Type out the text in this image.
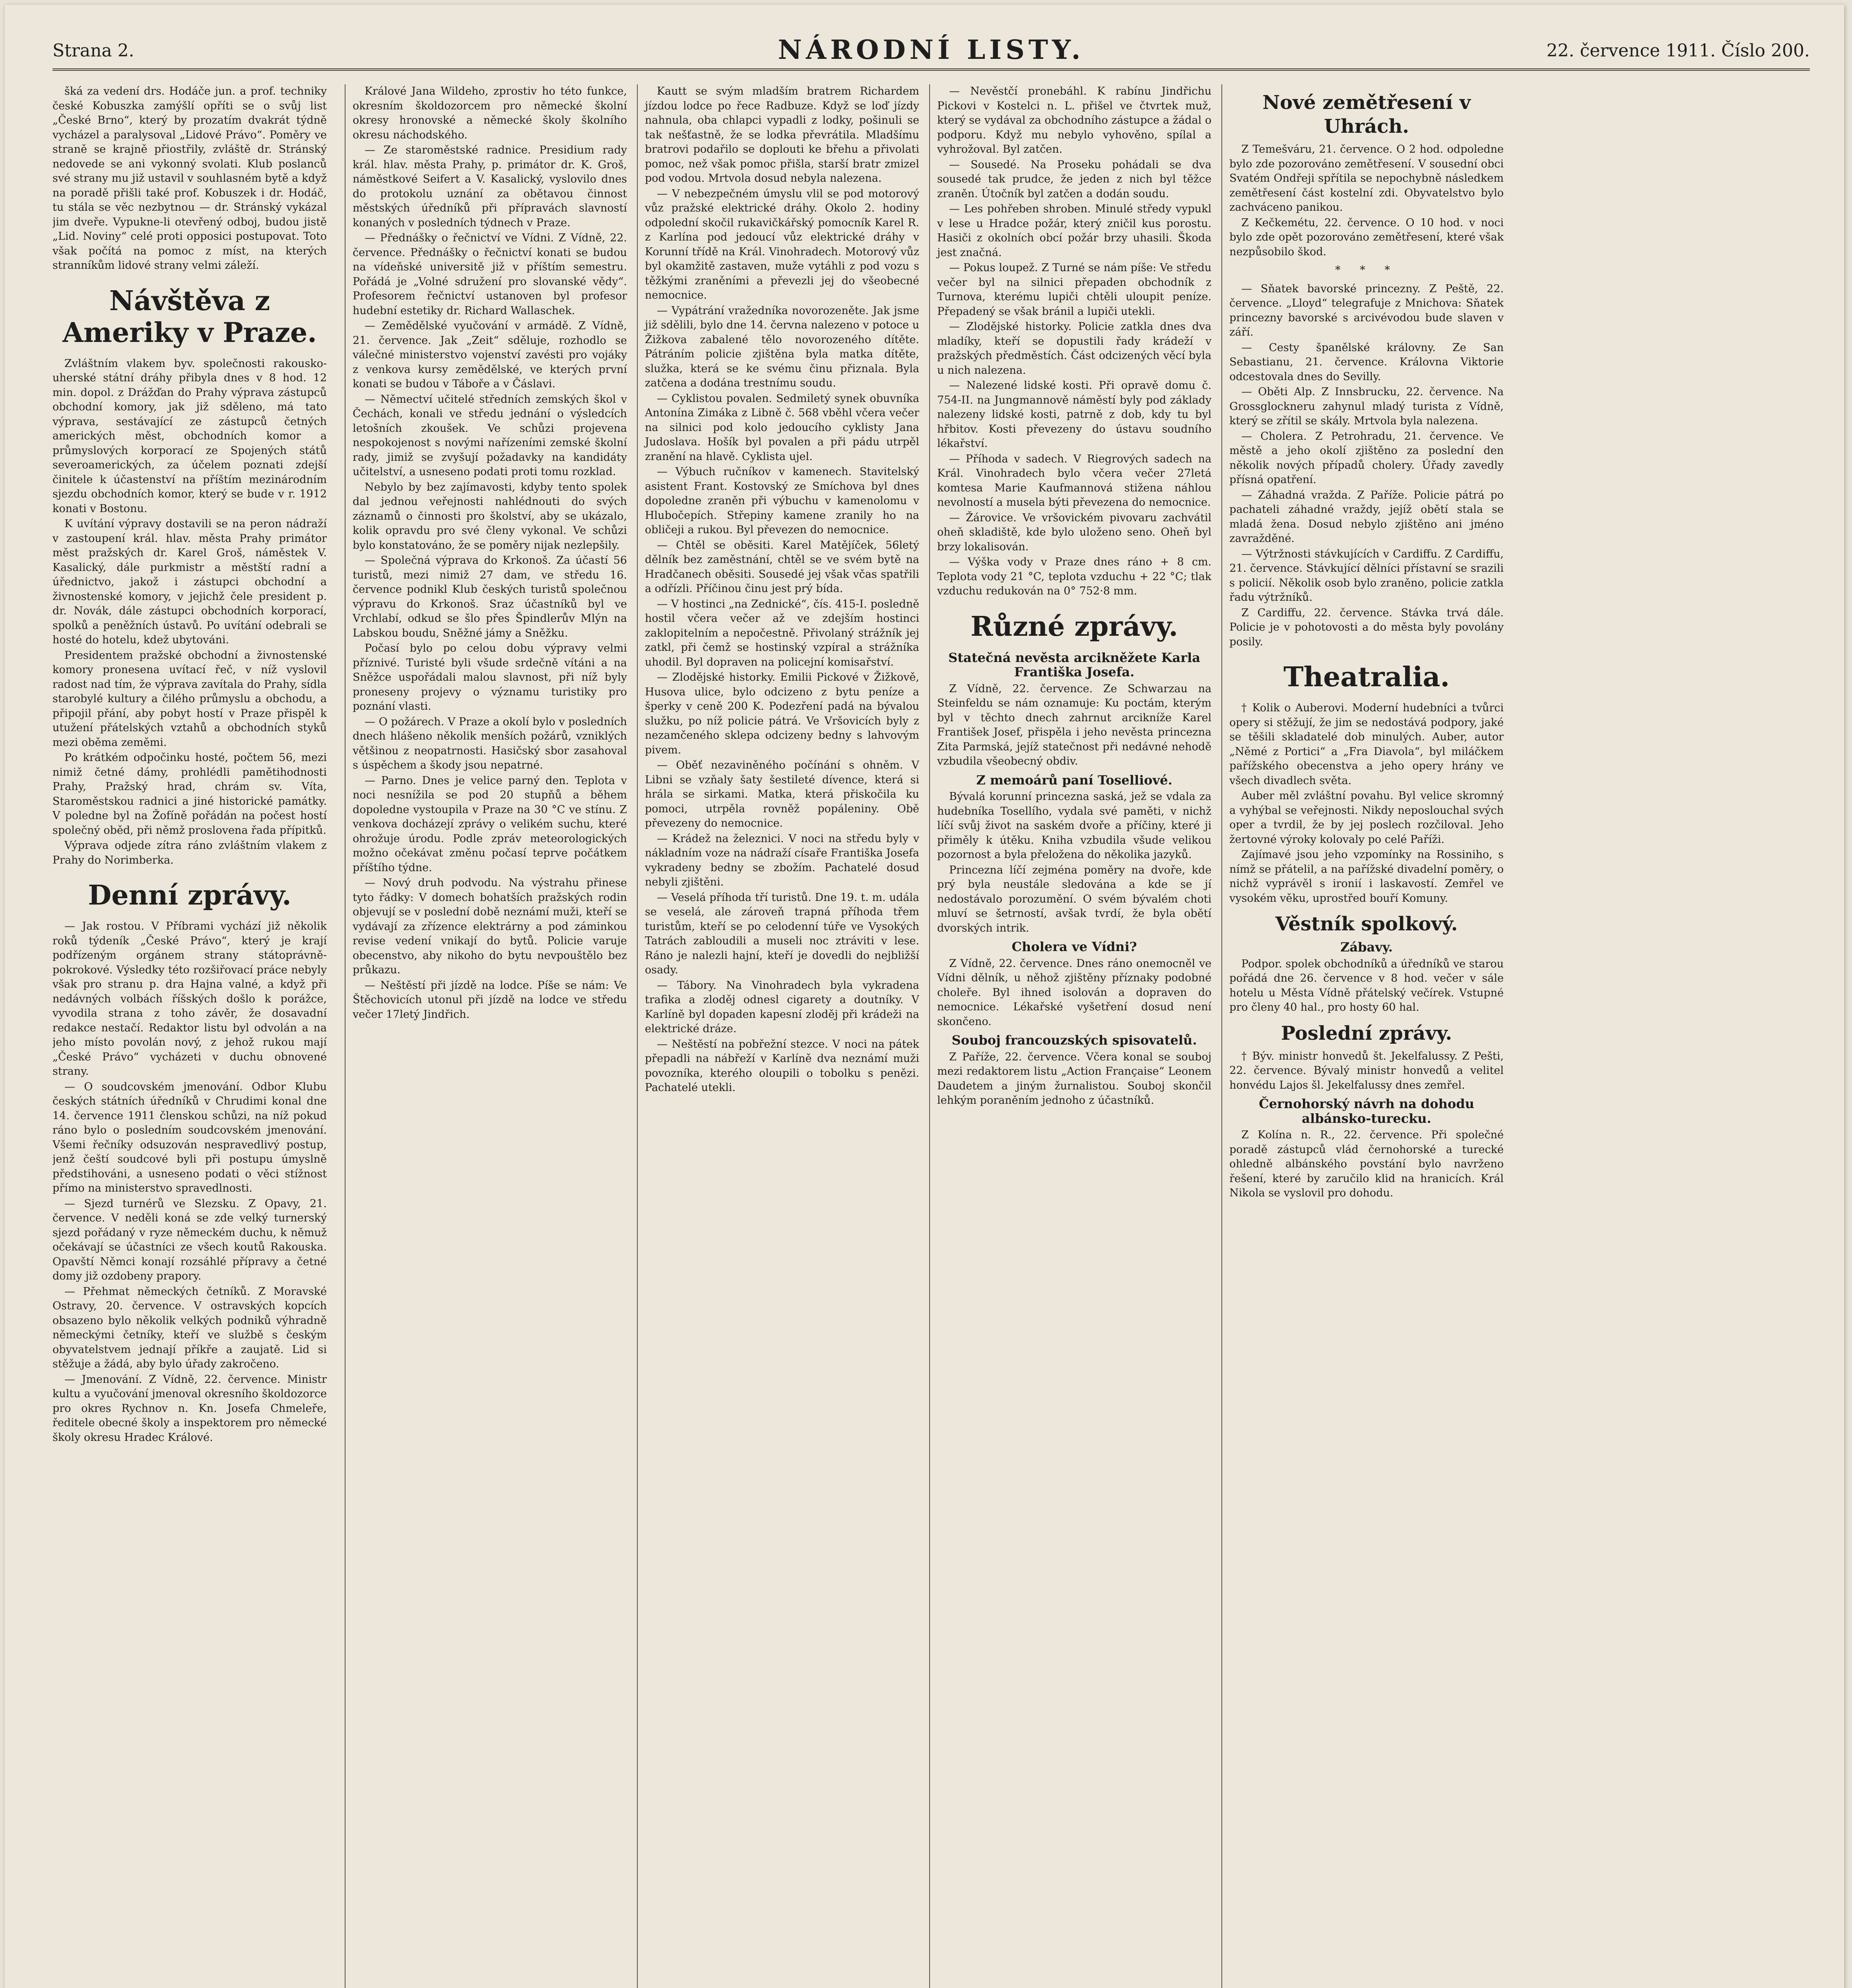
Strana 2.	NÁRODNÍ LISTY.	22. července 1911. Číslo 200.

šká za vedení drs. Hodáče jun. a prof. techniky české Kobuszka zamýšlí opříti se o svůj list „České Brno“, který by prozatím dvakrát týdně vycházel a paralysoval „Lidové Právo“. Poměry ve straně se krajně přiostřily, zvláště dr. Stránský nedovede se ani vykonný svolati. Klub poslanců své strany mu již ustavil v souhlasném bytě a když na poradě přišli také prof. Kobuszek i dr. Hodáč, tu stála se věc nezbytnou — dr. Stránský vykázal jim dveře. Vypukne-li otevřený odboj, budou jistě „Lid. Noviny“ celé proti opposici postupovat. Toto však počítá na pomoc z míst, na kterých stranníkům lidové strany velmi záleží.

Návštěva z Ameriky v Praze.

Zvláštním vlakem byv. společnosti rakousko-uherské státní dráhy přibyla dnes v 8 hod. 12 min. dopol. z Drážďan do Prahy výprava zástupců obchodní komory, jak již sděleno, má tato výprava, sestávající ze zástupců četných amerických měst, obchodních komor a průmyslových korporací ze Spojených států severoamerických, za účelem poznati zdejší činitele k účastenství na příštím mezinárodním sjezdu obchodních komor, který se bude v r. 1912 konati v Bostonu.

K uvítání výpravy dostavili se na peron nádraží v zastoupení král. hlav. města Prahy primátor měst pražských dr. Karel Groš, náměstek V. Kasalický, dále purkmistr a městští radní a úřednictvo, jakož i zástupci obchodní a živnostenské komory, v jejichž čele president p. dr. Novák, dále zástupci obchodních korporací, spolků a peněžních ústavů. Po uvítání odebrali se hosté do hotelu, kdež ubytováni.

Presidentem pražské obchodní a živnostenské komory pronesena uvítací řeč, v níž vyslovil radost nad tím, že výprava zavítala do Prahy, sídla starobylé kultury a čilého průmyslu a obchodu, a připojil přání, aby pobyt hostí v Praze přispěl k utužení přátelských vztahů a obchodních styků mezi oběma zeměmi.

Po krátkém odpočinku hosté, počtem 56, mezi nimiž četné dámy, prohlédli pamětihodnosti Prahy, Pražský hrad, chrám sv. Víta, Staroměstskou radnici a jiné historické památky. V poledne byl na Žofíně pořádán na počest hostí společný oběd, při němž proslovena řada přípitků.

Výprava odjede zítra ráno zvláštním vlakem z Prahy do Norimberka.

Denní zprávy.

— Jak rostou. V Příbrami vychází již několik roků týdeník „České Právo“, který je krají podřízeným orgánem strany státoprávně-pokrokové. Výsledky této rozšiřovací práce nebyly však pro stranu p. dra Hajna valné, a když při nedávných volbách říšských došlo k porážce, vyvodila strana z toho závěr, že dosavadní redakce nestačí. Redaktor listu byl odvolán a na jeho místo povolán nový, z jehož rukou mají „České Právo“ vycházeti v duchu obnovené strany.

— O soudcovském jmenování. Odbor Klubu českých státních úředníků v Chrudimi konal dne 14. července 1911 členskou schůzi, na níž pokud ráno bylo o posledním soudcovském jmenování. Všemi řečníky odsuzován nespravedlivý postup, jenž čeští soudcové byli při postupu úmyslně předstihováni, a usneseno podati o věci stížnost přímo na ministerstvo spravedlnosti.

— Sjezd turnérů ve Slezsku. Z Opavy, 21. července. V neděli koná se zde velký turnerský sjezd pořádaný v ryze německém duchu, k němuž očekávají se účastníci ze všech koutů Rakouska. Opavští Němci konají rozsáhlé přípravy a četné domy již ozdobeny prapory.

— Přehmat německých četníků. Z Moravské Ostravy, 20. července. V ostravských kopcích obsazeno bylo několik velkých podniků výhradně německými četníky, kteří ve službě s českým obyvatelstvem jednají příkře a zaujatě. Lid si stěžuje a žádá, aby bylo úřady zakročeno.

— Jmenování. Z Vídně, 22. července. Ministr kultu a vyučování jmenoval okresního školdozorce pro okres Rychnov n. Kn. Josefa Chmeleře, ředitele obecné školy a inspektorem pro německé školy okresu Hradec Králové.

Králové Jana Wildeho, zprostiv ho této funkce, okresním školdozorcem pro německé školní okresy hronovské a německé školy školního okresu náchodského.

— Ze staroměstské radnice. Presidium rady král. hlav. města Prahy, p. primátor dr. K. Groš, náměstkové Seifert a V. Kasalický, vyslovilo dnes do protokolu uznání za obětavou činnost městských úředníků při přípravách slavností konaných v posledních týdnech v Praze.

— Přednášky o řečnictví ve Vídni. Z Vídně, 22. července. Přednášky o řečnictví konati se budou na vídeňské universitě již v příštím semestru. Pořádá je „Volné sdružení pro slovanské vědy“. Profesorem řečnictví ustanoven byl profesor hudební estetiky dr. Richard Wallaschek.

— Zemědělské vyučování v armádě. Z Vídně, 21. července. Jak „Zeit“ sděluje, rozhodlo se válečné ministerstvo vojenství zavésti pro vojáky z venkova kursy zemědělské, ve kterých první konati se budou v Táboře a v Čáslavi.

— Němectví učitelé středních zemských škol v Čechách, konali ve středu jednání o výsledcích letošních zkoušek. Ve schůzi projevena nespokojenost s novými nařízeními zemské školní rady, jimiž se zvyšují požadavky na kandidáty učitelství, a usneseno podati proti tomu rozklad.

Nebylo by bez zajímavosti, kdyby tento spolek dal jednou veřejnosti nahlédnouti do svých záznamů o činnosti pro školství, aby se ukázalo, kolik opravdu pro své členy vykonal. Ve schůzi bylo konstatováno, že se poměry nijak nezlepšily.

— Společná výprava do Krkonoš. Za účastí 56 turistů, mezi nimiž 27 dam, ve středu 16. července podnikl Klub českých turistů společnou výpravu do Krkonoš. Sraz účastníků byl ve Vrchlabí, odkud se šlo přes Špindlerův Mlýn na Labskou boudu, Sněžné jámy a Sněžku.

Počasí bylo po celou dobu výpravy velmi příznivé. Turisté byli všude srdečně vítáni a na Sněžce uspořádali malou slavnost, při níž byly proneseny projevy o významu turistiky pro poznání vlasti.

— O požárech. V Praze a okolí bylo v posledních dnech hlášeno několik menších požárů, vzniklých většinou z neopatrnosti. Hasičský sbor zasahoval s úspěchem a škody jsou nepatrné.

— Parno. Dnes je velice parný den. Teplota v noci nesnížila se pod 20 stupňů a během dopoledne vystoupila v Praze na 30 °C ve stínu. Z venkova docházejí zprávy o velikém suchu, které ohrožuje úrodu. Podle zpráv meteorologických možno očekávat změnu počasí teprve počátkem příštího týdne.

— Nový druh podvodu. Na výstrahu přinese tyto řádky: V domech bohatších pražských rodin objevují se v poslední době neznámí muži, kteří se vydávají za zřízence elektrárny a pod záminkou revise vedení vnikají do bytů. Policie varuje obecenstvo, aby nikoho do bytu nevpouštělo bez průkazu.

— Neštěstí při jízdě na lodce. Píše se nám: Ve Štěchovicích utonul při jízdě na lodce ve středu večer 17letý Jindřich.

Kautt se svým mladším bratrem Richardem jízdou lodce po řece Radbuze. Když se loď jízdy nahnula, oba chlapci vypadli z lodky, pošinuli se tak nešťastně, že se lodka převrátila. Mladšímu bratrovi podařilo se doplouti ke břehu a přivolati pomoc, než však pomoc přišla, starší bratr zmizel pod vodou. Mrtvola dosud nebyla nalezena.

— V nebezpečném úmyslu vlil se pod motorový vůz pražské elektrické dráhy. Okolo 2. hodiny odpolední skočil rukavičkářský pomocník Karel R. z Karlína pod jedoucí vůz elektrické dráhy v Korunní třídě na Král. Vinohradech. Motorový vůz byl okamžitě zastaven, muže vytáhli z pod vozu s těžkými zraněními a převezli jej do všeobecné nemocnice.

— Vypátrání vražedníka novorozeněte. Jak jsme již sdělili, bylo dne 14. června nalezeno v potoce u Žižkova zabalené tělo novorozeného dítěte. Pátráním policie zjištěna byla matka dítěte, služka, která se ke svému činu přiznala. Byla zatčena a dodána trestnímu soudu.

— Cyklistou povalen. Sedmiletý synek obuvníka Antonína Zimáka z Libně č. 568 vběhl včera večer na silnici pod kolo jedoucího cyklisty Jana Judoslava. Hošík byl povalen a při pádu utrpěl zranění na hlavě. Cyklista ujel.

— Výbuch ručníkov v kamenech. Stavitelský asistent Frant. Kostovský ze Smíchova byl dnes dopoledne zraněn při výbuchu v kamenolomu v Hlubočepích. Střepiny kamene zranily ho na obličeji a rukou. Byl převezen do nemocnice.

— Chtěl se oběsiti. Karel Matějíček, 56letý dělník bez zaměstnání, chtěl se ve svém bytě na Hradčanech oběsiti. Sousedé jej však včas spatřili a odřízli. Příčinou činu jest prý bída.

— V hostinci „na Zednické“, čís. 415-I. posledně hostil včera večer až ve zdejším hostinci zaklopitelním a nepočestně. Přivolaný strážník jej zatkl, při čemž se hostinský vzpíral a strážníka uhodil. Byl dopraven na policejní komisařství.

— Zlodějské historky. Emilii Pickové v Žižkově, Husova ulice, bylo odcizeno z bytu peníze a šperky v ceně 200 K. Podezření padá na bývalou služku, po níž policie pátrá. Ve Vršovicích byly z nezamčeného sklepa odcizeny bedny s lahvovým pivem.

— Oběť nezaviněného počínání s ohněm. V Libni se vzňaly šaty šestileté dívence, která si hrála se sirkami. Matka, která přiskočila ku pomoci, utrpěla rovněž popáleniny. Obě převezeny do nemocnice.

— Krádež na železnici. V noci na středu byly v nákladním voze na nádraží císaře Františka Josefa vykradeny bedny se zbožím. Pachatelé dosud nebyli zjištěni.

— Veselá příhoda tří turistů. Dne 19. t. m. udála se veselá, ale zároveň trapná příhoda třem turistům, kteří se po celodenní túře ve Vysokých Tatrách zabloudili a museli noc ztráviti v lese. Ráno je nalezli hajní, kteří je dovedli do nejbližší osady.

— Tábory. Na Vinohradech byla vykradena trafika a zloděj odnesl cigarety a doutníky. V Karlíně byl dopaden kapesní zloděj při krádeži na elektrické dráze.

— Neštěstí na pobřežní stezce. V noci na pátek přepadli na nábřeží v Karlíně dva neznámí muži povozníka, kterého oloupili o tobolku s penězi. Pachatelé utekli.

— Nevěstčí pronebáhl. K rabínu Jindřichu Pickovi v Kostelci n. L. přišel ve čtvrtek muž, který se vydával za obchodního zástupce a žádal o podporu. Když mu nebylo vyhověno, spílal a vyhrožoval. Byl zatčen.

— Sousedé. Na Proseku pohádali se dva sousedé tak prudce, že jeden z nich byl těžce zraněn. Útočník byl zatčen a dodán soudu.

— Les pohřeben shroben. Minulé středy vypukl v lese u Hradce požár, který zničil kus porostu. Hasiči z okolních obcí požár brzy uhasili. Škoda jest značná.

— Pokus loupež. Z Turné se nám píše: Ve středu večer byl na silnici přepaden obchodník z Turnova, kterému lupiči chtěli uloupit peníze. Přepadený se však bránil a lupiči utekli.

— Zlodějské historky. Policie zatkla dnes dva mladíky, kteří se dopustili řady krádeží v pražských předměstích. Část odcizených věcí byla u nich nalezena.

— Nalezené lidské kosti. Při opravě domu č. 754-II. na Jungmannově náměstí byly pod základy nalezeny lidské kosti, patrně z dob, kdy tu byl hřbitov. Kosti převezeny do ústavu soudního lékařství.

— Příhoda v sadech. V Riegrových sadech na Král. Vinohradech bylo včera večer 27letá komtesa Marie Kaufmannová stižena náhlou nevolností a musela býti převezena do nemocnice.

— Žárovice. Ve vršovickém pivovaru zachvátil oheň skladiště, kde bylo uloženo seno. Oheň byl brzy lokalisován.

— Výška vody v Praze dnes ráno + 8 cm. Teplota vody 21 °C, teplota vzduchu + 22 °C; tlak vzduchu redukován na 0° 752·8 mm.

Různé zprávy.
Statečná nevěsta arcikněžete Karla Františka Josefa.

Z Vídně, 22. července. Ze Schwarzau na Steinfeldu se nám oznamuje: Ku poctám, kterým byl v těchto dnech zahrnut arcikníže Karel František Josef, přispěla i jeho nevěsta princezna Zita Parmská, jejíž statečnost při nedávné nehodě vzbudila všeobecný obdiv.

Z memoárů paní Toselliové.

Bývalá korunní princezna saská, jež se vdala za hudebníka Tosellího, vydala své paměti, v nichž líčí svůj život na saském dvoře a příčiny, které ji přiměly k útěku. Kniha vzbudila všude velikou pozornost a byla přeložena do několika jazyků.

Princezna líčí zejména poměry na dvoře, kde prý byla neustále sledována a kde se jí nedostávalo porozumění. O svém bývalém choti mluví se šetrností, avšak tvrdí, že byla obětí dvorských intrik.

Cholera ve Vídni?

Z Vídně, 22. července. Dnes ráno onemocněl ve Vídni dělník, u něhož zjištěny příznaky podobné choleře. Byl ihned isolován a dopraven do nemocnice. Lékařské vyšetření dosud není skončeno.

Souboj francouzských spisovatelů.

Z Paříže, 22. července. Včera konal se souboj mezi redaktorem listu „Action Française“ Leonem Daudetem a jiným žurnalistou. Souboj skončil lehkým poraněním jednoho z účastníků.

Nové zemětřesení v Uhrách.

Z Temešváru, 21. července. O 2 hod. odpoledne bylo zde pozorováno zemětřesení. V sousední obci Svatém Ondřeji spřítila se nepochybně následkem zemětřesení část kostelní zdi. Obyvatelstvo bylo zachváceno panikou.

Z Kečkemétu, 22. července. O 10 hod. v noci bylo zde opět pozorováno zemětřesení, které však nezpůsobilo škod.

* * *

— Sňatek bavorské princezny. Z Peště, 22. července. „Lloyd“ telegrafuje z Mnichova: Sňatek princezny bavorské s arcivévodou bude slaven v září.

— Cesty španělské královny. Ze San Sebastianu, 21. července. Královna Viktorie odcestovala dnes do Sevilly.

— Oběti Alp. Z Innsbrucku, 22. července. Na Grossglockneru zahynul mladý turista z Vídně, který se zřítil se skály. Mrtvola byla nalezena.

— Cholera. Z Petrohradu, 21. července. Ve městě a jeho okolí zjištěno za poslední den několik nových případů cholery. Úřady zavedly přísná opatření.

— Záhadná vražda. Z Paříže. Policie pátrá po pachateli záhadné vraždy, jejíž obětí stala se mladá žena. Dosud nebylo zjištěno ani jméno zavražděné.

— Výtržnosti stávkujících v Cardiffu. Z Cardiffu, 21. července. Stávkující dělníci přístavní se srazili s policií. Několik osob bylo zraněno, policie zatkla řadu výtržníků.

Z Cardiffu, 22. července. Stávka trvá dále. Policie je v pohotovosti a do města byly povolány posily.

Theatralia.

† Kolik o Auberovi. Moderní hudebníci a tvůrci opery si stěžují, že jim se nedostává podpory, jaké se těšili skladatelé dob minulých. Auber, autor „Němé z Portici“ a „Fra Diavola“, byl miláčkem pařížského obecenstva a jeho opery hrány ve všech divadlech světa.

Auber měl zvláštní povahu. Byl velice skromný a vyhýbal se veřejnosti. Nikdy neposlouchal svých oper a tvrdil, že by jej poslech rozčiloval. Jeho žertovné výroky kolovaly po celé Paříži.

Zajímavé jsou jeho vzpomínky na Rossiniho, s nímž se přátelil, a na pařížské divadelní poměry, o nichž vyprávěl s ironií i laskavostí. Zemřel ve vysokém věku, uprostřed bouří Komuny.

Věstník spolkový.
Zábavy.

Podpor. spolek obchodníků a úředníků ve starou pořádá dne 26. července v 8 hod. večer v sále hotelu u Města Vídně přátelský večírek. Vstupné pro členy 40 hal., pro hosty 60 hal.

Poslední zprávy.

† Býv. ministr honvedů št. Jekelfalussy. Z Pešti, 22. července. Bývalý ministr honvedů a velitel honvédu Lajos šl. Jekelfalussy dnes zemřel.

Černohorský návrh na dohodu albánsko-turecku.

Z Kolína n. R., 22. července. Při společné poradě zástupců vlád černohorské a turecké ohledně albánského povstání bylo navrženo řešení, které by zaručilo klid na hranicích. Král Nikola se vyslovil pro dohodu.
